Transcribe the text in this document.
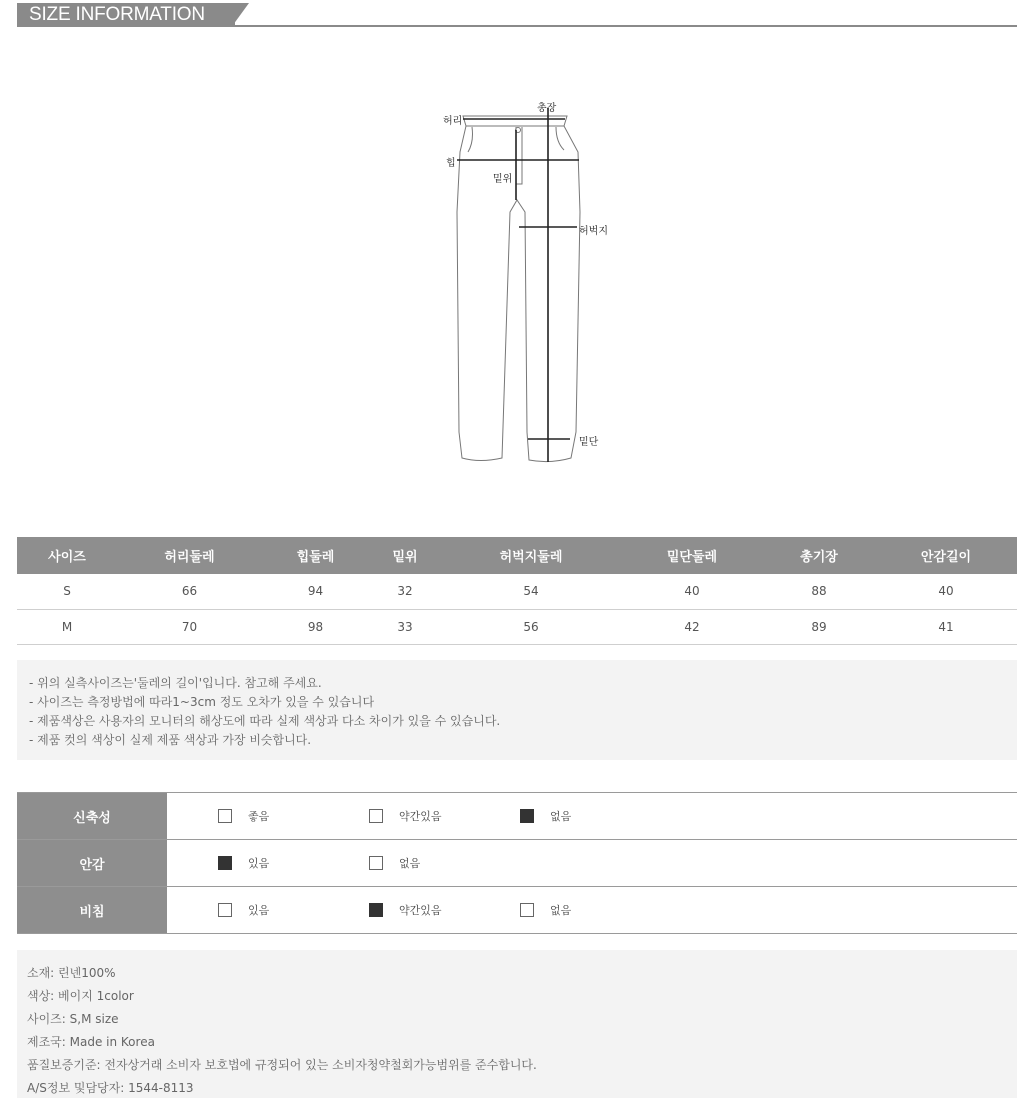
SIZE INFORMATION
총장
허리
힙
밑위
허벅지
밑단
사이즈	허리둘레	힙둘레	밑위	허벅지둘레	밑단둘레	총기장	안감길이
S	66	94	32	54	40	88	40
M	70	98	33	56	42	89	41
- 위의 실측사이즈는'둘레의 길이'입니다. 참고해 주세요.
- 사이즈는 측정방법에 따라1~3cm 정도 오차가 있을 수 있습니다
- 제품색상은 사용자의 모니터의 해상도에 따라 실제 색상과 다소 차이가 있을 수 있습니다.
- 제품 컷의 색상이 실제 제품 색상과 가장 비슷합니다.
신축성	좋음	약간있음	없음
안감	있음	없음
비침	있음	약간있음	없음
소재: 린넨100%
색상: 베이지 1color
사이즈: S,M size
제조국: Made in Korea
품질보증기준: 전자상거래 소비자 보호법에 규정되어 있는 소비자청약철회가능범위를 준수합니다.
A/S정보 및담당자: 1544-8113
